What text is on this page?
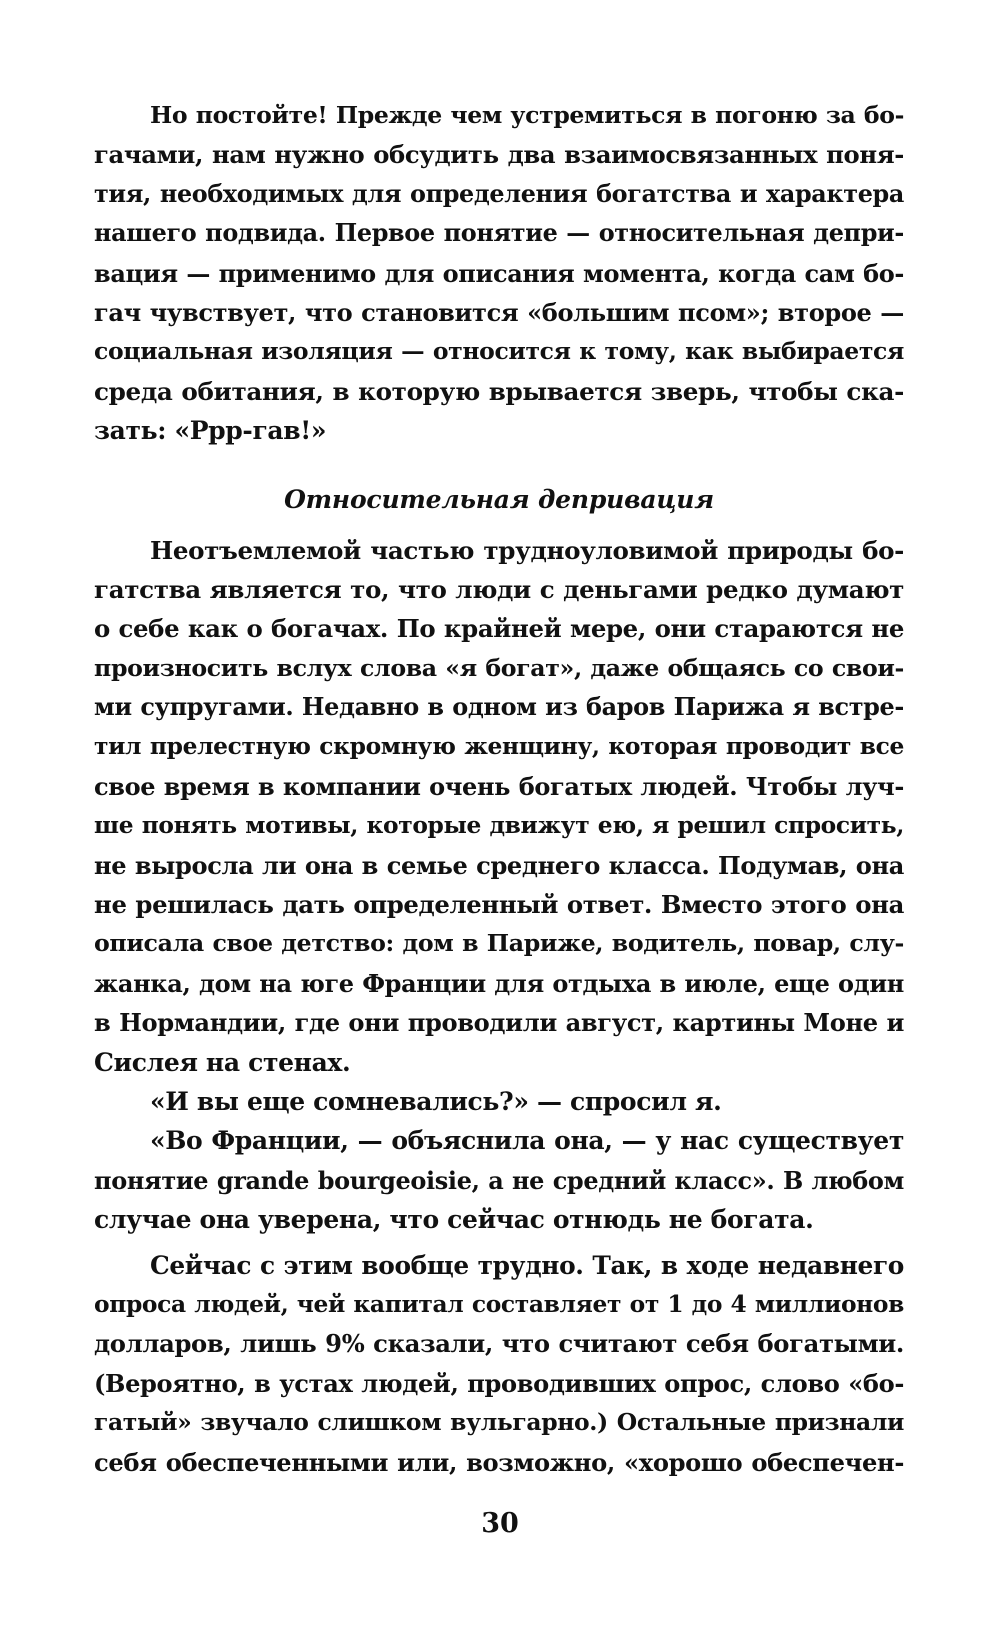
Но постойте! Прежде чем устремиться в погоню за бо-
гачами, нам нужно обсудить два взаимосвязанных поня-
тия, необходимых для определения богатства и характера
нашего подвида. Первое понятие — относительная депри-
вация — применимо для описания момента, когда сам бо-
гач чувствует, что становится «большим псом»; второе —
социальная изоляция — относится к тому, как выбирается
среда обитания, в которую врывается зверь, чтобы ска-
зать: «Ррр-гав!»
Относительная депривация
Неотъемлемой частью трудноуловимой природы бо-
гатства является то, что люди с деньгами редко думают
о себе как о богачах. По крайней мере, они стараются не
произносить вслух слова «я богат», даже общаясь со свои-
ми супругами. Недавно в одном из баров Парижа я встре-
тил прелестную скромную женщину, которая проводит все
свое время в компании очень богатых людей. Чтобы луч-
ше понять мотивы, которые движут ею, я решил спросить,
не выросла ли она в семье среднего класса. Подумав, она
не решилась дать определенный ответ. Вместо этого она
описала свое детство: дом в Париже, водитель, повар, слу-
жанка, дом на юге Франции для отдыха в июле, еще один
в Нормандии, где они проводили август, картины Моне и
Сислея на стенах.
«И вы еще сомневались?» — спросил я.
«Во Франции, — объяснила она, — у нас существует
понятие grande bourgeoisie, а не средний класс». В любом
случае она уверена, что сейчас отнюдь не богата.
Сейчас с этим вообще трудно. Так, в ходе недавнего
опроса людей, чей капитал составляет от 1 до 4 миллионов
долларов, лишь 9% сказали, что считают себя богатыми.
(Вероятно, в устах людей, проводивших опрос, слово «бо-
гатый» звучало слишком вульгарно.) Остальные признали
себя обеспеченными или, возможно, «хорошо обеспечен-
30
